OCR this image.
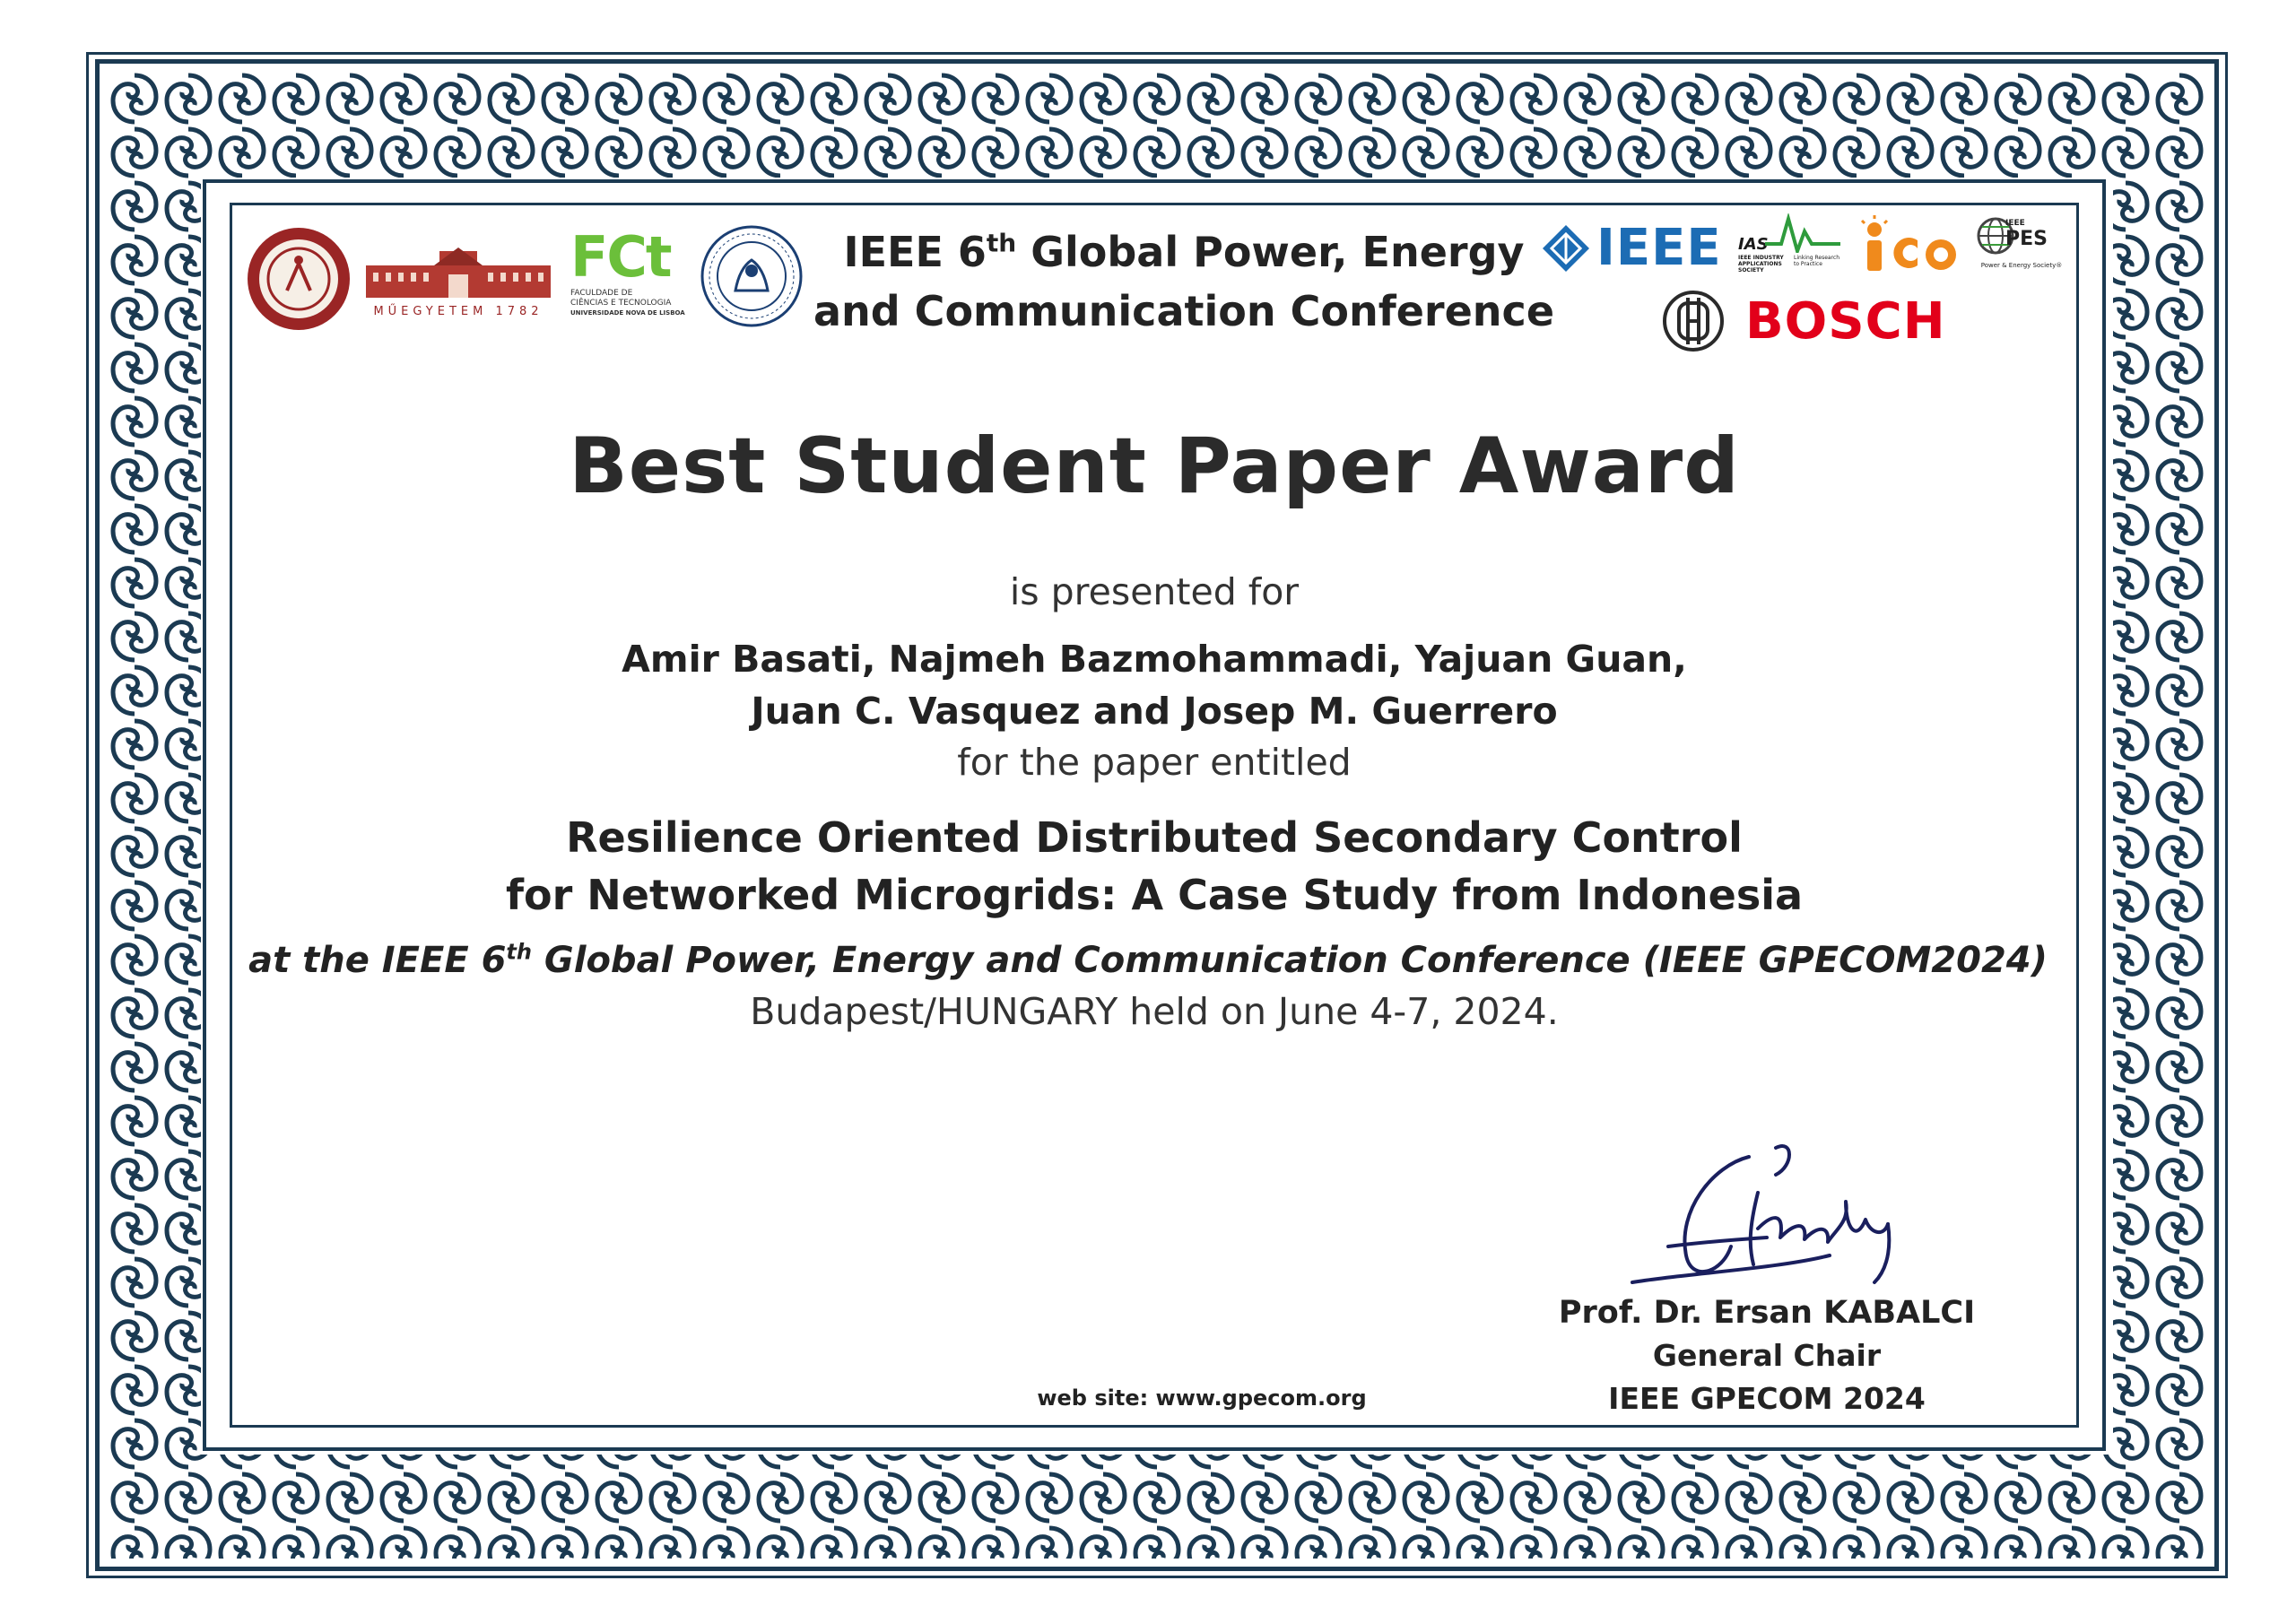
MŰEGYETEM 1782
FCt
FACULDADE DE
CIÊNCIAS E TECNOLOGIA
UNIVERSIDADE NOVA DE LISBOA
IEEE 6th Global Power, Energy
and Communication Conference
IEEE IAS
IEEE INDUSTRY APPLICATIONS SOCIETY
Linking Research to Practice
IEEE
PES
Power & Energy Society®
BOSCH
Best Student Paper Award
is presented for
Amir Basati, Najmeh Bazmohammadi, Yajuan Guan,
Juan C. Vasquez and Josep M. Guerrero
for the paper entitled
Resilience Oriented Distributed Secondary Control
for Networked Microgrids: A Case Study from Indonesia
at the IEEE 6th Global Power, Energy and Communication Conference (IEEE GPECOM2024)
Budapest/HUNGARY held on June 4-7, 2024.
Prof. Dr. Ersan KABALCI
General Chair
IEEE GPECOM 2024
web site: www.gpecom.org
